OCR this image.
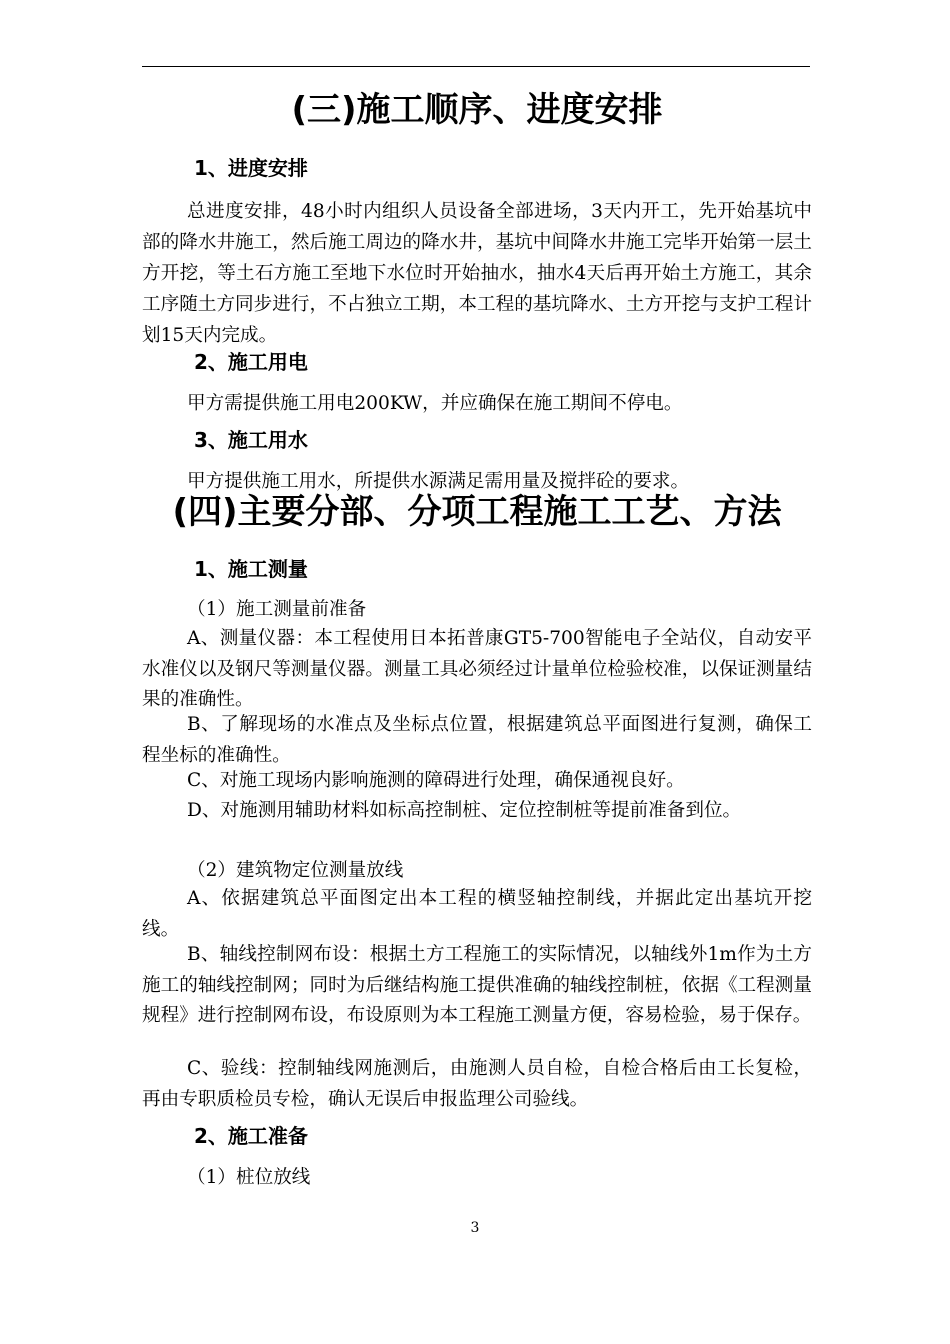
(三)施工顺序、进度安排
1、进度安排
总进度安排，48小时内组织人员设备全部进场，3天内开工，先开始基坑中部的降水井施工，然后施工周边的降水井，基坑中间降水井施工完毕开始第一层土方开挖，等土石方施工至地下水位时开始抽水，抽水4天后再开始土方施工，其余工序随土方同步进行，不占独立工期，本工程的基坑降水、土方开挖与支护工程计划15天内完成。
2、施工用电
甲方需提供施工用电200KW，并应确保在施工期间不停电。
3、施工用水
甲方提供施工用水，所提供水源满足需用量及搅拌砼的要求。
(四)主要分部、分项工程施工工艺、方法
1、施工测量
（1）施工测量前准备
A、测量仪器：本工程使用日本拓普康GT5-700智能电子全站仪，自动安平水准仪以及钢尺等测量仪器。测量工具必须经过计量单位检验校准，以保证测量结果的准确性。
B、了解现场的水准点及坐标点位置，根据建筑总平面图进行复测，确保工程坐标的准确性。
C、对施工现场内影响施测的障碍进行处理，确保通视良好。
D、对施测用辅助材料如标高控制桩、定位控制桩等提前准备到位。
（2）建筑物定位测量放线
A、依据建筑总平面图定出本工程的横竖轴控制线，并据此定出基坑开挖线。
B、轴线控制网布设：根据土方工程施工的实际情况，以轴线外1m作为土方施工的轴线控制网；同时为后继结构施工提供准确的轴线控制桩，依据《工程测量规程》进行控制网布设，布设原则为本工程施工测量方便，容易检验，易于保存。
C、验线：控制轴线网施测后，由施测人员自检，自检合格后由工长复检，再由专职质检员专检，确认无误后申报监理公司验线。
2、施工准备
（1）桩位放线
3
